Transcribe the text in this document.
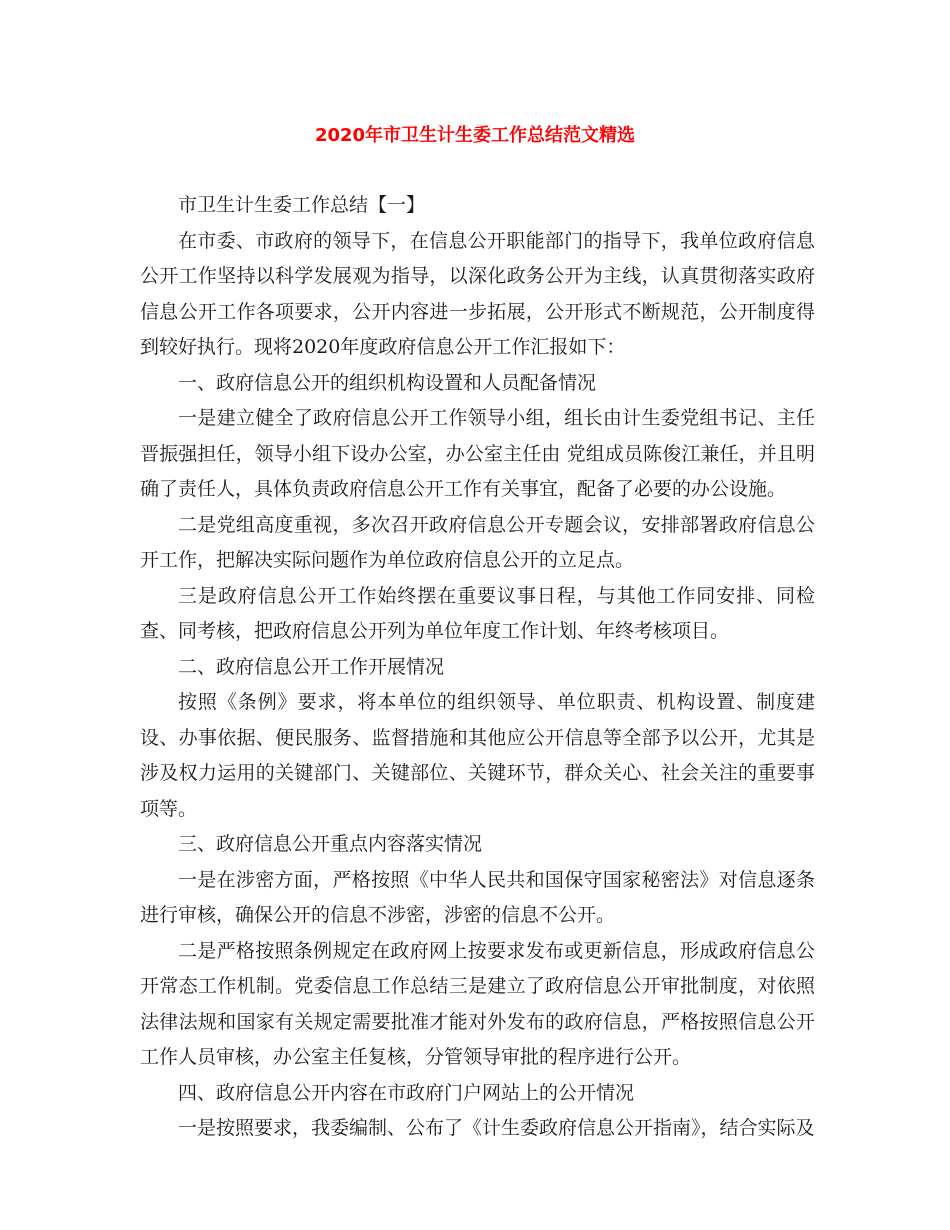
2020年市卫生计生委工作总结范文精选

市卫生计生委工作总结【一】

在市委、市政府的领导下，在信息公开职能部门的指导下，我单位政府信息公开工作坚持以科学发展观为指导，以深化政务公开为主线，认真贯彻落实政府信息公开工作各项要求，公开内容进一步拓展，公开形式不断规范，公开制度得到较好执行。现将2020年度政府信息公开工作汇报如下：

一、政府信息公开的组织机构设置和人员配备情况

一是建立健全了政府信息公开工作领导小组，组长由计生委党组书记、主任晋振强担任，领导小组下设办公室，办公室主任由 党组成员陈俊江兼任，并且明确了责任人，具体负责政府信息公开工作有关事宜，配备了必要的办公设施。

二是党组高度重视，多次召开政府信息公开专题会议，安排部署政府信息公开工作，把解决实际问题作为单位政府信息公开的立足点。

三是政府信息公开工作始终摆在重要议事日程，与其他工作同安排、同检查、同考核，把政府信息公开列为单位年度工作计划、年终考核项目。

二、政府信息公开工作开展情况

按照《条例》要求，将本单位的组织领导、单位职责、机构设置、制度建设、办事依据、便民服务、监督措施和其他应公开信息等全部予以公开，尤其是涉及权力运用的关键部门、关键部位、关键环节，群众关心、社会关注的重要事项等。

三、政府信息公开重点内容落实情况

一是在涉密方面，严格按照《中华人民共和国保守国家秘密法》对信息逐条进行审核，确保公开的信息不涉密，涉密的信息不公开。

二是严格按照条例规定在政府网上按要求发布或更新信息，形成政府信息公开常态工作机制。党委信息工作总结三是建立了政府信息公开审批制度，对依照法律法规和国家有关规定需要批准才能对外发布的政府信息，严格按照信息公开工作人员审核，办公室主任复核，分管领导审批的程序进行公开。

四、政府信息公开内容在市政府门户网站上的公开情况

一是按照要求，我委编制、公布了《计生委政府信息公开指南》，结合实际及
